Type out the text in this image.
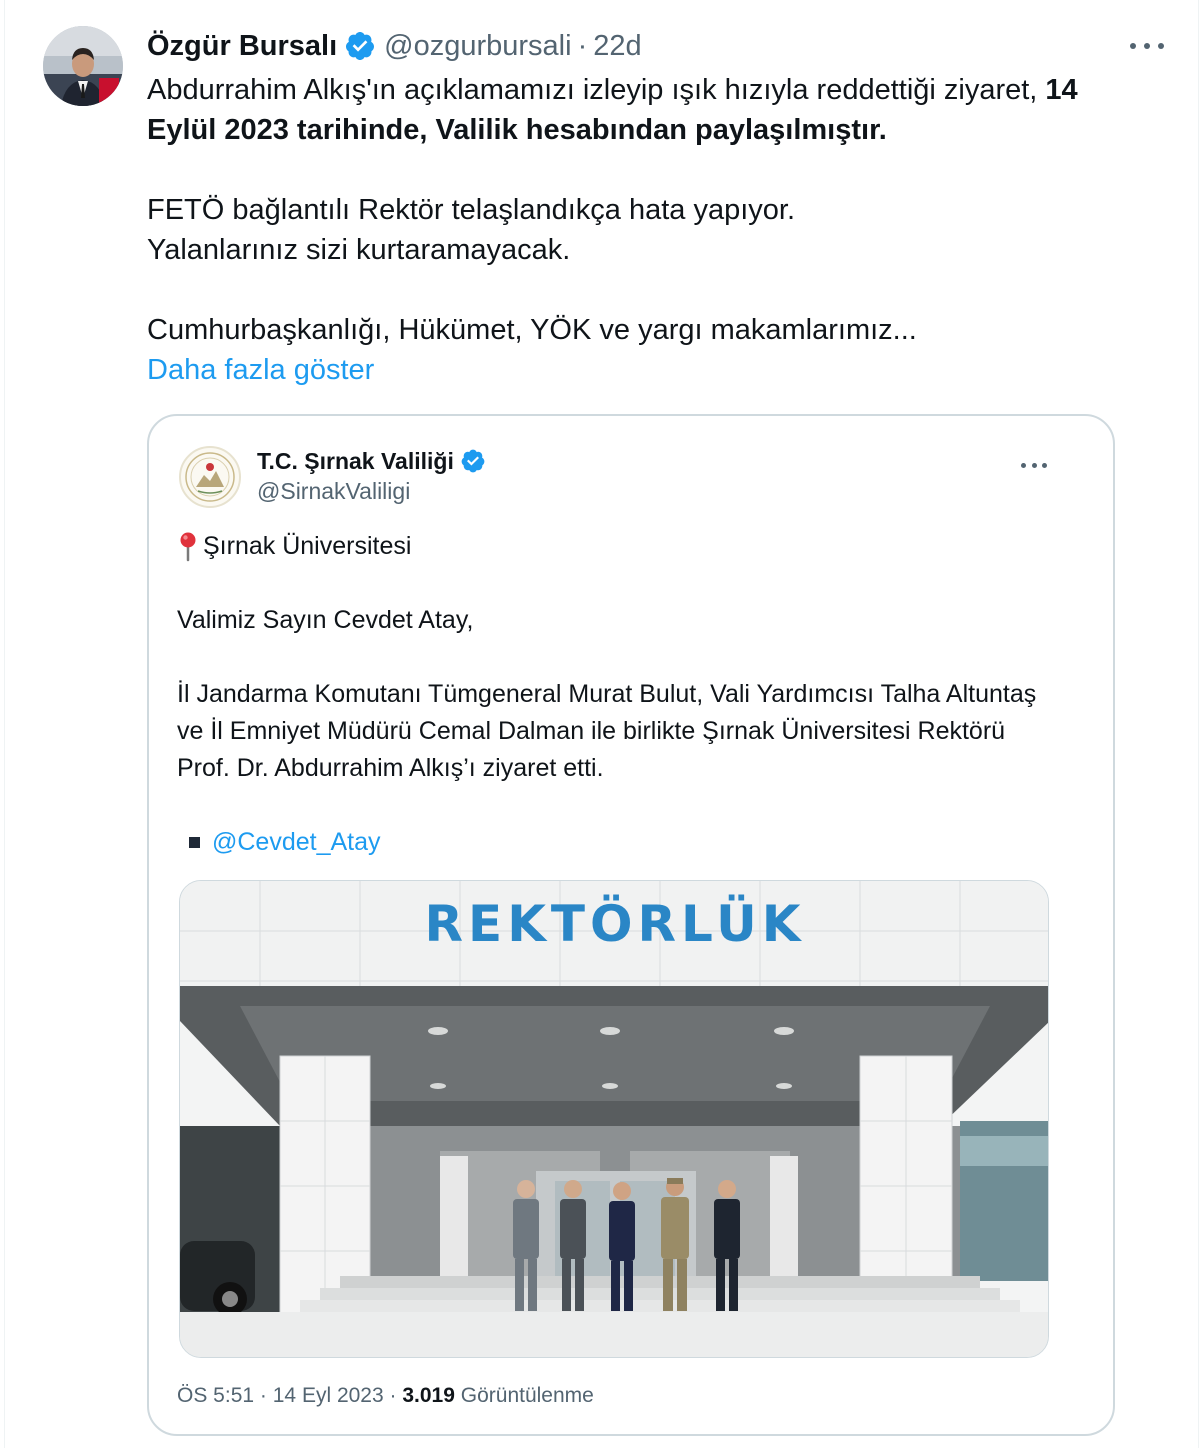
Özgür Bursalı @ozgurbursali · 22d

Abdurrahim Alkış'ın açıklamamızı izleyip ışık hızıyla reddettiği ziyaret, 14 Eylül 2023 tarihinde, Valilik hesabından paylaşılmıştır.

FETÖ bağlantılı Rektör telaşlandıkça hata yapıyor.

Yalanlarınız sizi kurtaramayacak.

Cumhurbaşkanlığı, Hükümet, YÖK ve yargı makamlarımız...

Daha fazla göster

T.C. Şırnak Valiliği
@SirnakValiligi

Şırnak Üniversitesi

Valimiz Sayın Cevdet Atay,

İl Jandarma Komutanı Tümgeneral Murat Bulut, Vali Yardımcısı Talha Altuntaş ve İl Emniyet Müdürü Cemal Dalman ile birlikte Şırnak Üniversitesi Rektörü Prof. Dr. Abdurrahim Alkış’ı ziyaret etti.

@Cevdet_Atay

REKTÖRLÜK
ÖS 5:51 · 14 Eyl 2023 · 3.019 Görüntülenme
